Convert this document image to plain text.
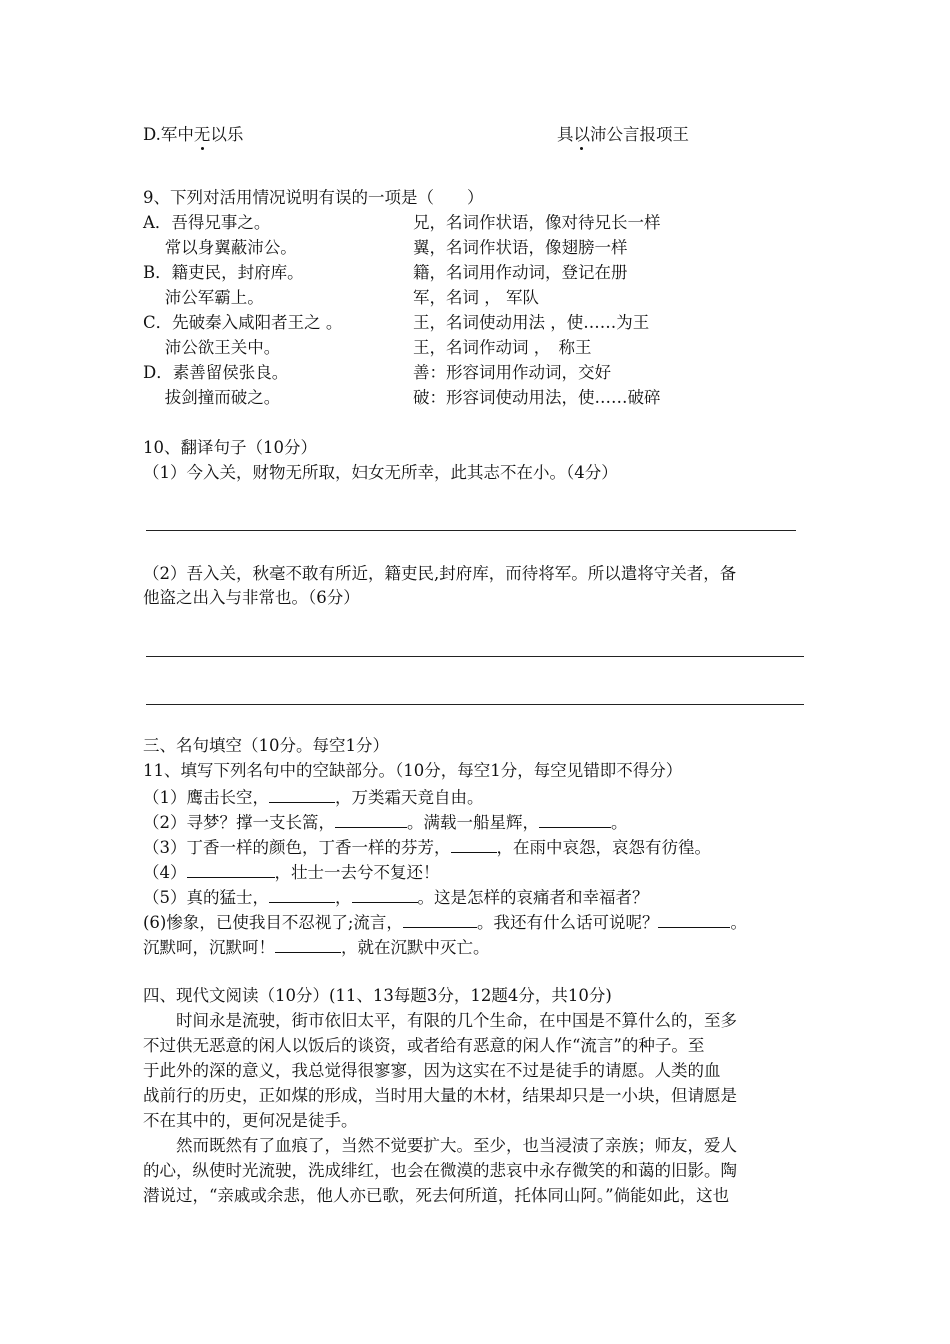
D.军中无以乐	具以沛公言报项王
9、下列对活用情况说明有误的一项是（　　）
A．吾得兄事之。	兄，名词作状语，像对待兄长一样
　 常以身翼蔽沛公。	翼，名词作状语，像翅膀一样
B．籍吏民，封府库。	籍，名词用作动词，登记在册
　 沛公军霸上。	军，名词 ， 军队
C．先破秦入咸阳者王之 。	王，名词使动用法 ，使……为王
　 沛公欲王关中。	王，名词作动词 ，　称王
D．素善留侯张良。	善：形容词用作动词，交好
　 拔剑撞而破之。	破：形容词使动用法，使……破碎
10、翻译句子（10分）
（1）今入关，财物无所取，妇女无所幸，此其志不在小。（4分）
（2）吾入关，秋毫不敢有所近，籍吏民,封府库，而待将军。所以遣将守关者，备
他盗之出入与非常也。（6分）
三、名句填空（10分。每空1分）
11、填写下列名句中的空缺部分。（10分，每空1分，每空见错即不得分）
（1）鹰击长空，	，万类霜天竞自由。
（2）寻梦？撑一支长篙，	。满载一船星辉，	。
（3）丁香一样的颜色，丁香一样的芬芳，	，在雨中哀怨，哀怨有彷徨。
（4）	，壮士一去兮不复还！
（5）真的猛士，	，	。这是怎样的哀痛者和幸福者？
(6)惨象，已使我目不忍视了;流言，	。我还有什么话可说呢？	。
沉默呵，沉默呵！	，就在沉默中灭亡。
四、现代文阅读（10分）(11、13每题3分，12题4分，共10分)
　　时间永是流驶，街市依旧太平，有限的几个生命，在中国是不算什么的，至多
不过供无恶意的闲人以饭后的谈资，或者给有恶意的闲人作“流言”的种子。至
于此外的深的意义，我总觉得很寥寥，因为这实在不过是徒手的请愿。人类的血
战前行的历史，正如煤的形成，当时用大量的木材，结果却只是一小块，但请愿是
不在其中的，更何况是徒手。
　　然而既然有了血痕了，当然不觉要扩大。至少，也当浸渍了亲族；师友，爱人
的心，纵使时光流驶，洗成绯红，也会在微漠的悲哀中永存微笑的和蔼的旧影。陶
潜说过，“亲戚或余悲，他人亦已歌，死去何所道，托体同山阿。”倘能如此，这也
